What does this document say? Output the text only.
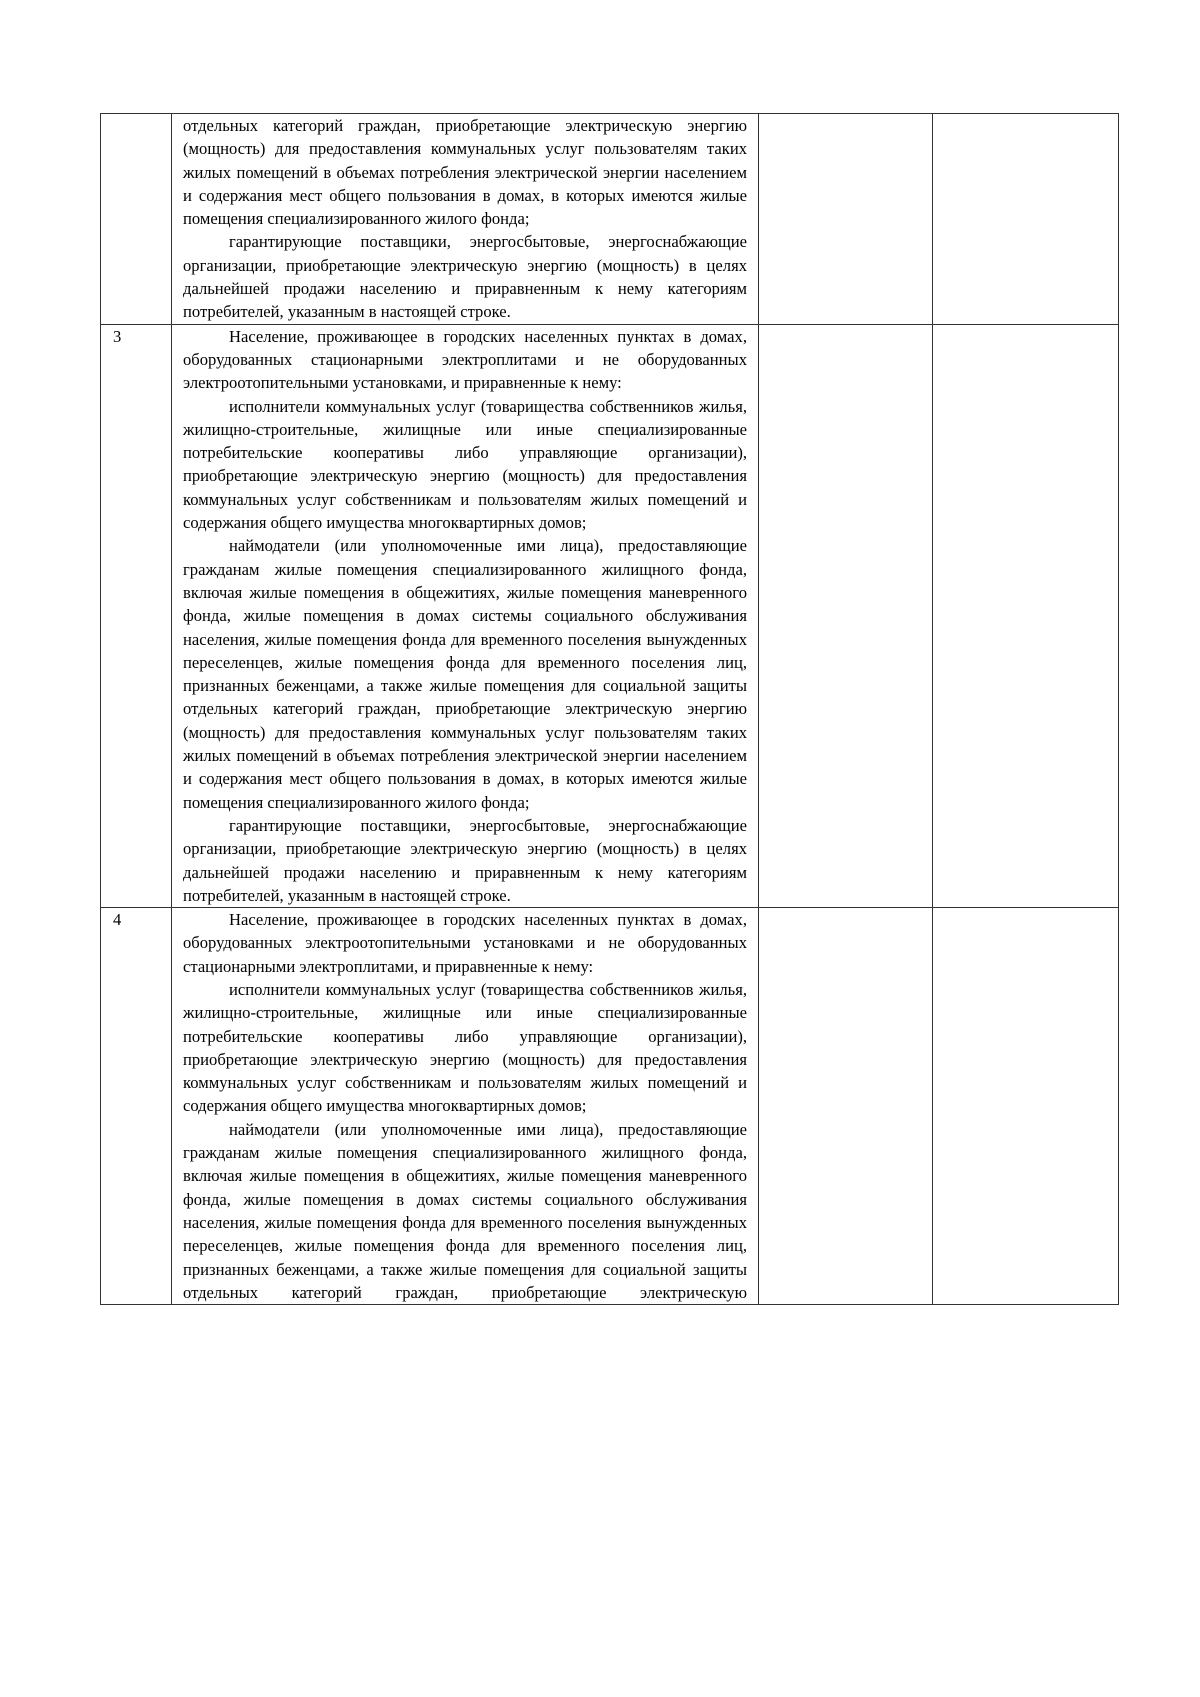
	отдельных категорий граждан, приобретающие электрическую энергию (мощность) для предоставления коммунальных услуг пользователям таких жилых помещений в объемах потребления электрической энергии населением и содержания мест общего пользования в домах, в которых имеются жилые помещения специализированного жилого фонда;

гарантирующие поставщики, энергосбытовые, энергоснабжающие организации, приобретающие электрическую энергию (мощность) в целях дальнейшей продажи населению и приравненным к нему категориям потребителей, указанным в настоящей строке.		

3	Население, проживающее в городских населенных пунктах в домах, оборудованных стационарными электроплитами и не оборудованных электроотопительными установками, и приравненные к нему:

исполнители коммунальных услуг (товарищества собственников жилья, жилищно-строительные, жилищные или иные специализированные потребительские кооперативы либо управляющие организации), приобретающие электрическую энергию (мощность) для предоставления коммунальных услуг собственникам и пользователям жилых помещений и содержания общего имущества многоквартирных домов;

наймодатели (или уполномоченные ими лица), предоставляющие гражданам жилые помещения специализированного жилищного фонда, включая жилые помещения в общежитиях, жилые помещения маневренного фонда, жилые помещения в домах системы социального обслуживания населения, жилые помещения фонда для временного поселения вынужденных переселенцев, жилые помещения фонда для временного поселения лиц, признанных беженцами, а также жилые помещения для социальной защиты отдельных категорий граждан, приобретающие электрическую энергию (мощность) для предоставления коммунальных услуг пользователям таких жилых помещений в объемах потребления электрической энергии населением и содержания мест общего пользования в домах, в которых имеются жилые помещения специализированного жилого фонда;

гарантирующие поставщики, энергосбытовые, энергоснабжающие организации, приобретающие электрическую энергию (мощность) в целях дальнейшей продажи населению и приравненным к нему категориям потребителей, указанным в настоящей строке.		

4	Население, проживающее в городских населенных пунктах в домах, оборудованных электроотопительными установками и не оборудованных стационарными электроплитами, и приравненные к нему:

исполнители коммунальных услуг (товарищества собственников жилья, жилищно-строительные, жилищные или иные специализированные потребительские кооперативы либо управляющие организации), приобретающие электрическую энергию (мощность) для предоставления коммунальных услуг собственникам и пользователям жилых помещений и содержания общего имущества многоквартирных домов;

наймодатели (или уполномоченные ими лица), предоставляющие гражданам жилые помещения специализированного жилищного фонда, включая жилые помещения в общежитиях, жилые помещения маневренного фонда, жилые помещения в домах системы социального обслуживания населения, жилые помещения фонда для временного поселения вынужденных переселенцев, жилые помещения фонда для временного поселения лиц, признанных беженцами, а также жилые помещения для социальной защиты отдельных категорий граждан, приобретающие электрическую		
